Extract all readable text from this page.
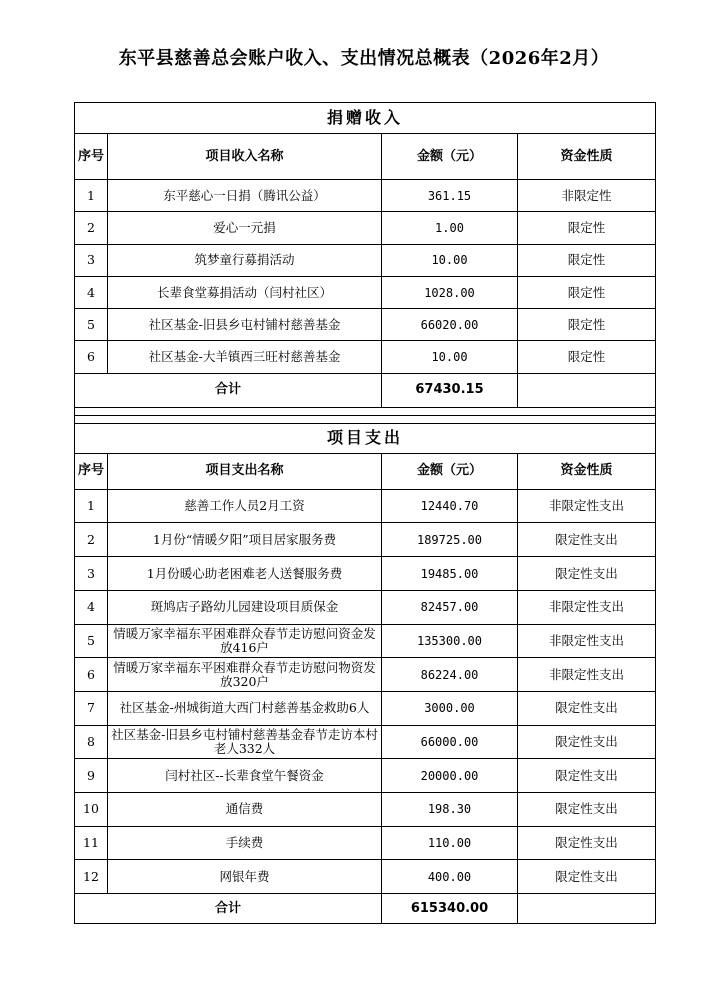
东平县慈善总会账户收入、支出情况总概表（2026年2月）
捐赠收入			
序号	项目收入名称	金额（元）	资金性质
1	东平慈心一日捐（腾讯公益）	361.15	非限定性
2	爱心一元捐	1.00	限定性
3	筑梦童行募捐活动	10.00	限定性
4	长辈食堂募捐活动（闫村社区）	1028.00	限定性
5	社区基金-旧县乡屯村铺村慈善基金	66020.00	限定性
6	社区基金-大羊镇西三旺村慈善基金	10.00	限定性
合计		67430.15	

项目支出			
序号	项目支出名称	金额（元）	资金性质
1	慈善工作人员2月工资	12440.70	非限定性支出
2	1月份“情暖夕阳”项目居家服务费	189725.00	限定性支出
3	1月份暖心助老困难老人送餐服务费	19485.00	限定性支出
4	斑鸠店子路幼儿园建设项目质保金	82457.00	非限定性支出
5	情暖万家幸福东平困难群众春节走访慰问资金发放416户	135300.00	非限定性支出
6	情暖万家幸福东平困难群众春节走访慰问物资发放320户	86224.00	非限定性支出
7	社区基金-州城街道大西门村慈善基金救助6人	3000.00	限定性支出
8	社区基金-旧县乡屯村铺村慈善基金春节走访本村老人332人	66000.00	限定性支出
9	闫村社区--长辈食堂午餐资金	20000.00	限定性支出
10	通信费	198.30	限定性支出
11	手续费	110.00	限定性支出
12	网银年费	400.00	限定性支出
合计		615340.00	
